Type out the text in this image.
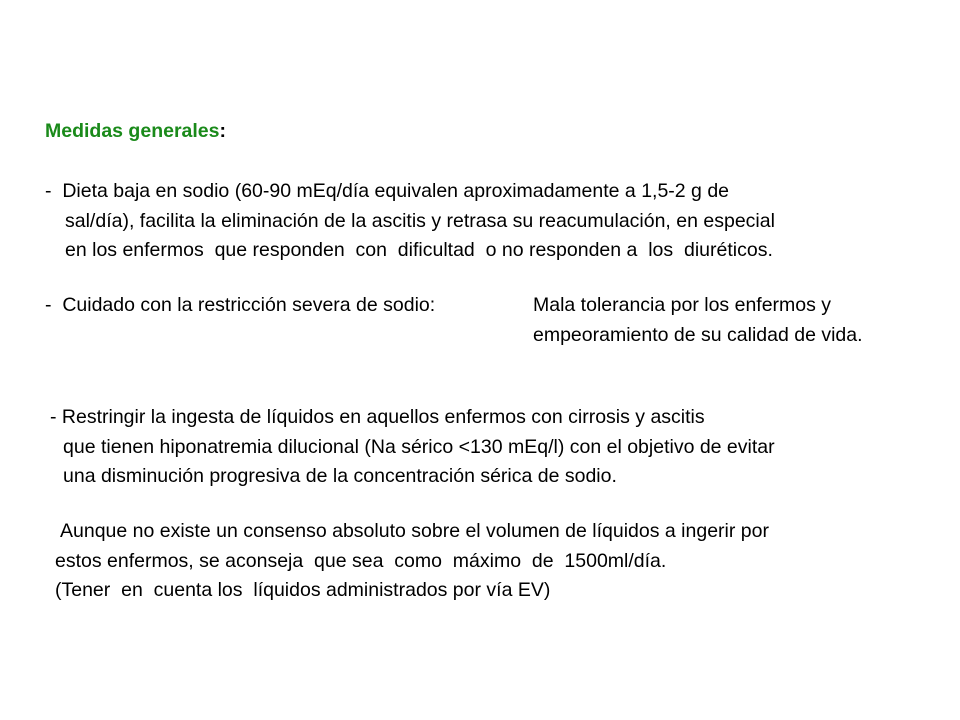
Medidas generales:
-  Dieta baja en sodio (60-90 mEq/día equivalen aproximadamente a 1,5-2 g de
sal/día), facilita la eliminación de la ascitis y retrasa su reacumulación, en especial
en los enfermos  que responden  con  dificultad  o no responden a  los  diuréticos.
-  Cuidado con la restricción severa de sodio:	Mala tolerancia por los enfermos y
empeoramiento de su calidad de vida.
- Restringir la ingesta de líquidos en aquellos enfermos con cirrosis y ascitis
que tienen hiponatremia dilucional (Na sérico <130 mEq/l) con el objetivo de evitar
una disminución progresiva de la concentración sérica de sodio.
Aunque no existe un consenso absoluto sobre el volumen de líquidos a ingerir por
estos enfermos, se aconseja  que sea  como  máximo  de  1500ml/día.
(Tener  en  cuenta los  líquidos administrados por vía EV)
